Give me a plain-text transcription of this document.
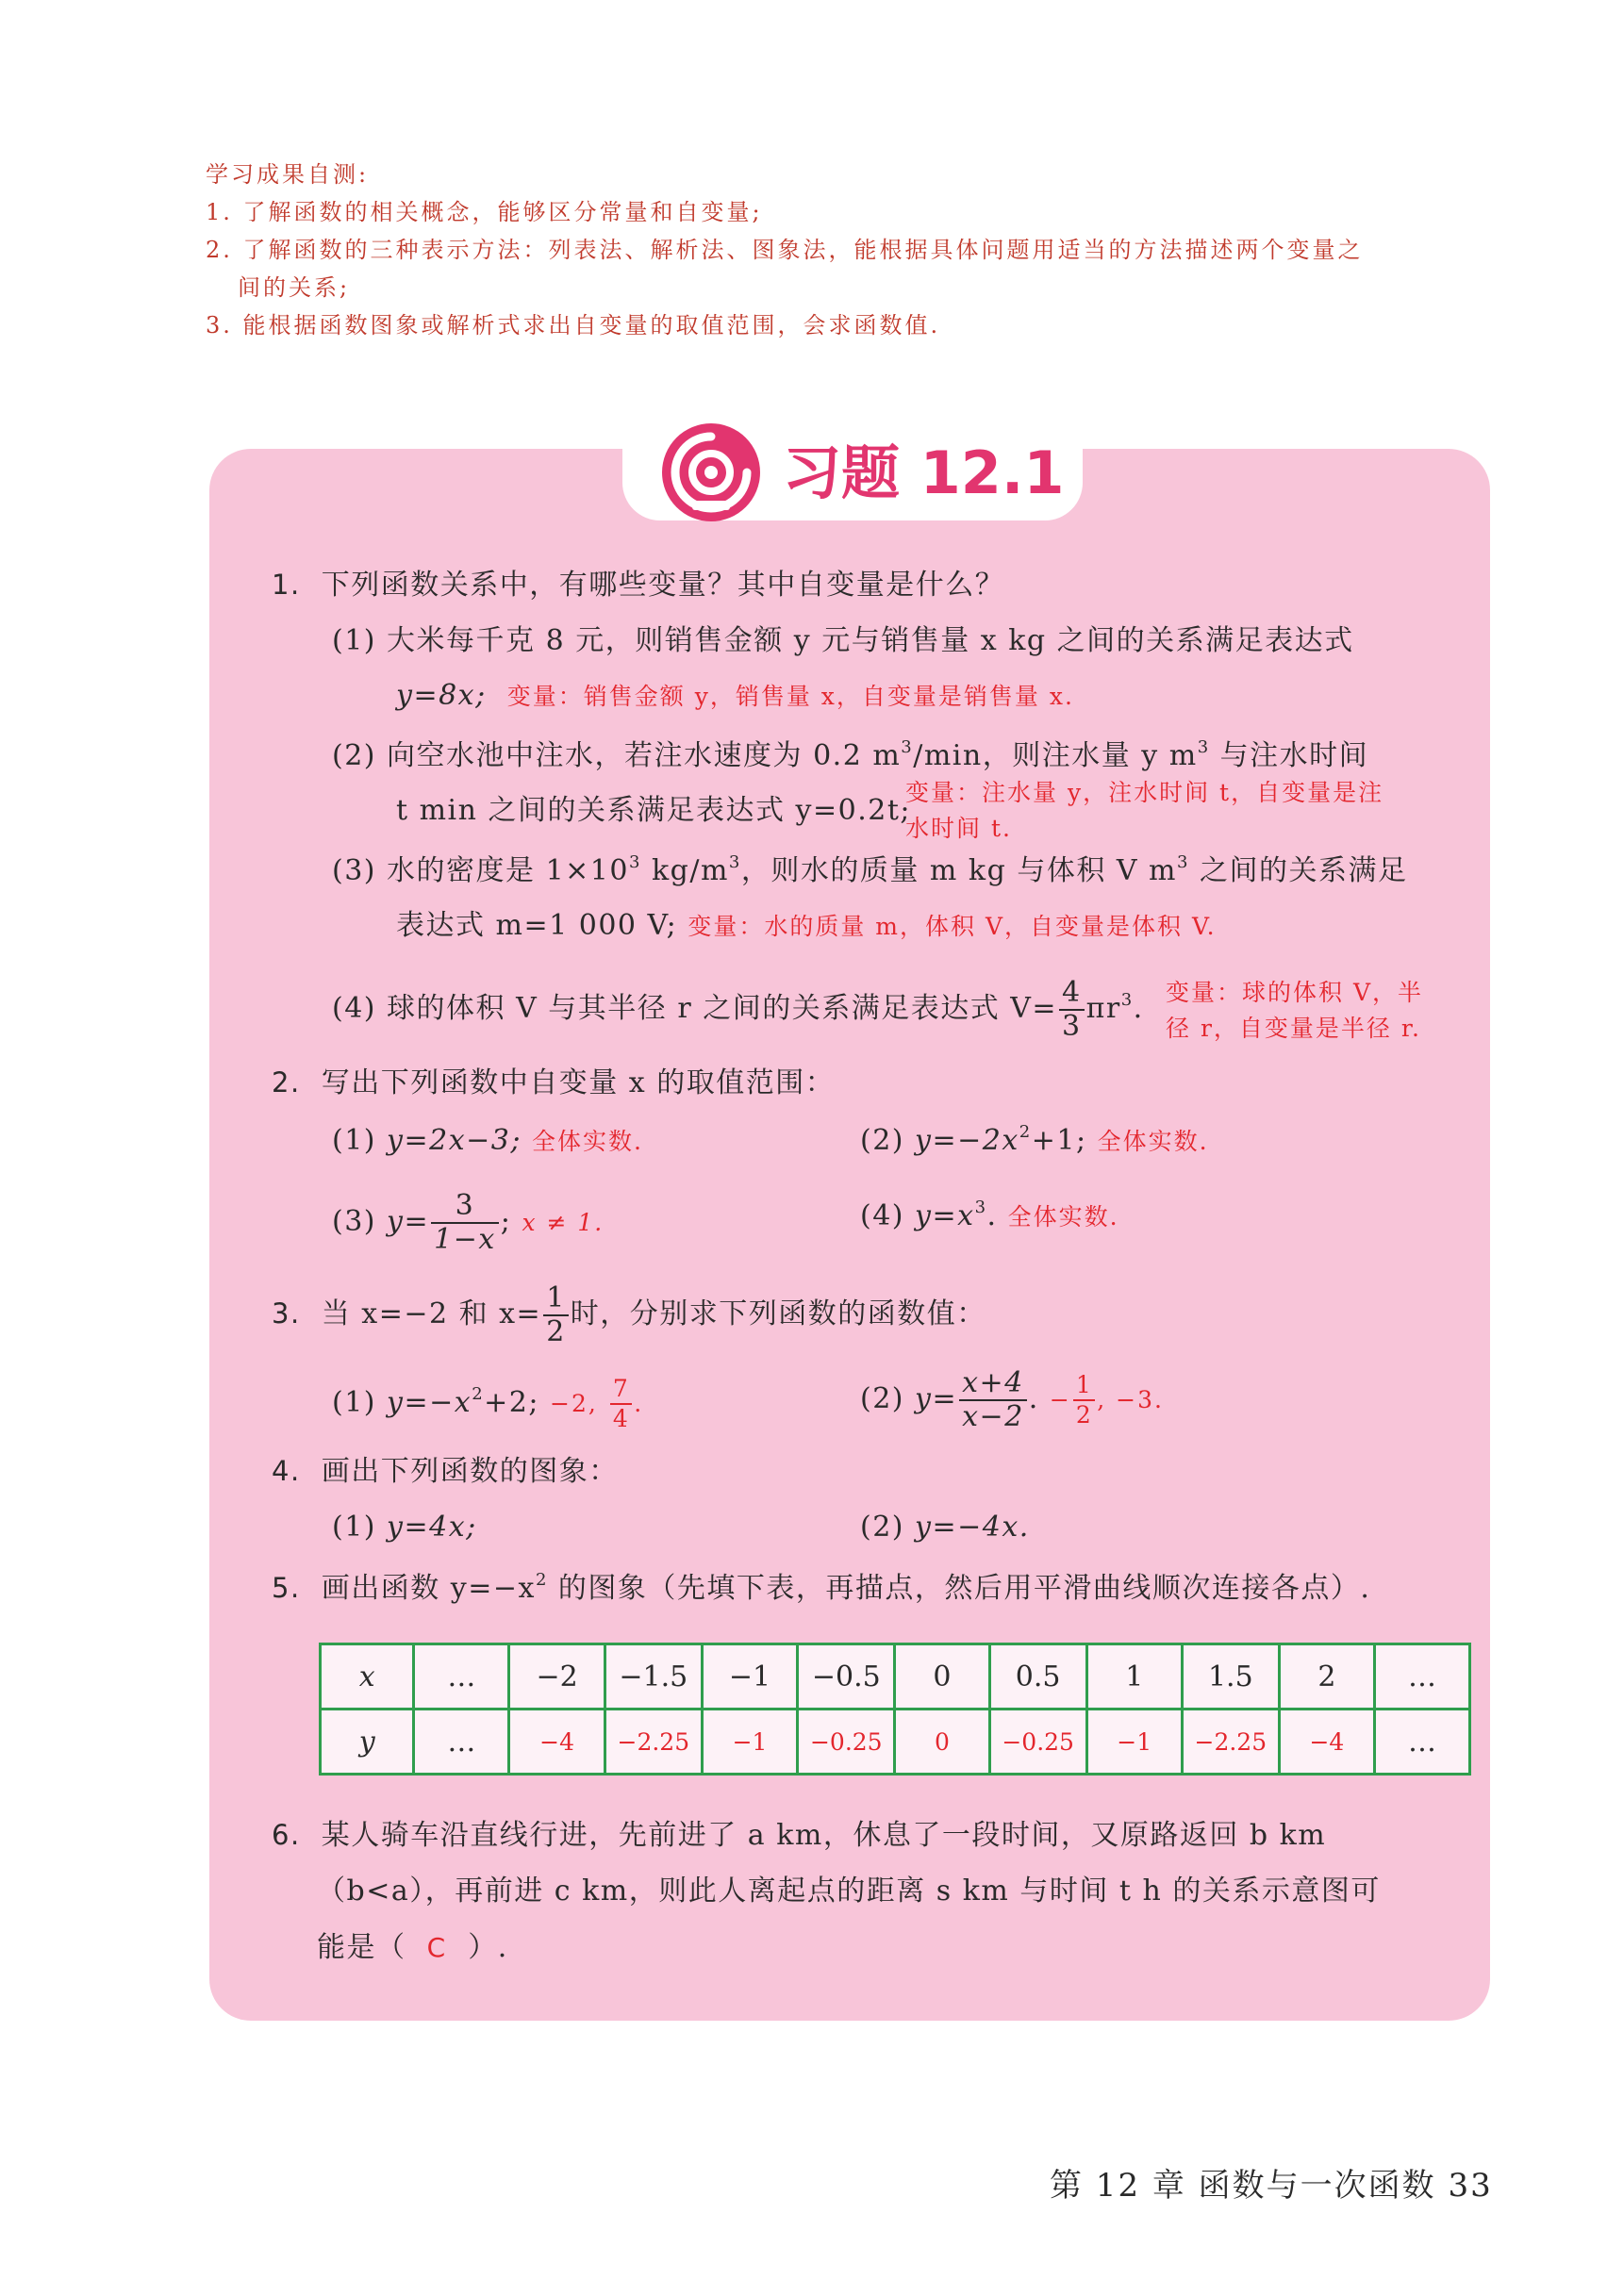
学习成果自测:
1. 了解函数的相关概念，能够区分常量和自变量;
2. 了解函数的三种表示方法：列表法、解析法、图象法，能根据具体问题用适当的方法描述两个变量之
间的关系;
3. 能根据函数图象或解析式求出自变量的取值范围，会求函数值.
习题 12.1
1. 下列函数关系中，有哪些变量？其中自变量是什么？
(1) 大米每千克 8 元，则销售金额 y 元与销售量 x kg 之间的关系满足表达式
y=8x; 变量：销售金额 y，销售量 x，自变量是销售量 x.
(2) 向空水池中注水，若注水速度为 0.2 $m^3/\min$，则注水量 y $m^3$ 与注水时间
t min 之间的关系满足表达式 y=0.2t;
变量：注水量 y，注水时间 t，自变量是注
水时间 t.
(3) 水的密度是 $1\times 10^3$ $kg/m^3$，则水的质量 m kg 与体积 V $m^3$ 之间的关系满足
表达式 m=1 000 V; 变量：水的质量 m，体积 V，自变量是体积 V.
(4) 球的体积 V 与其半径 r 之间的关系满足表达式 $V= \frac{4}{3} \pi r^3$. 变量：球的体积 V，半
径 r，自变量是半径 r.
2. 写出下列函数中自变量 x 的取值范围：
(1) y=2x−3; 全体实数.	(2) $y=-2x^2+1$; 全体实数.
(3) $y= \frac{3}{1-x}$ ; x ≠ 1.	(4) $y=x^3$. 全体实数.
3. 当 x=−2 和 $x= \frac{1}{2}$ 时，分别求下列函数的函数值：
(1) $y=-x^2+2$; −2, $\frac{7}{4}$ .	(2) $y= \frac{x+4}{x-2}$ . − $\frac{1}{2}$ , −3.
4. 画出下列函数的图象：
(1) y=4x;	(2) y=−4x.
5. 画出函数 $y=-x^2$ 的图象（先填下表，再描点，然后用平滑曲线顺次连接各点）.
x	…	−2	−1.5	−1	−0.5	0	0.5	1	1.5	2	…
y	…	−4	−2.25	−1	−0.25	0	−0.25	−1	−2.25	−4	…
6. 某人骑车沿直线行进，先前进了 a km，休息了一段时间，又原路返回 b km
（b<a），再前进 c km，则此人离起点的距离 s km 与时间 t h 的关系示意图可
能是（ C ）.
第 12 章 函数与一次函数 33
